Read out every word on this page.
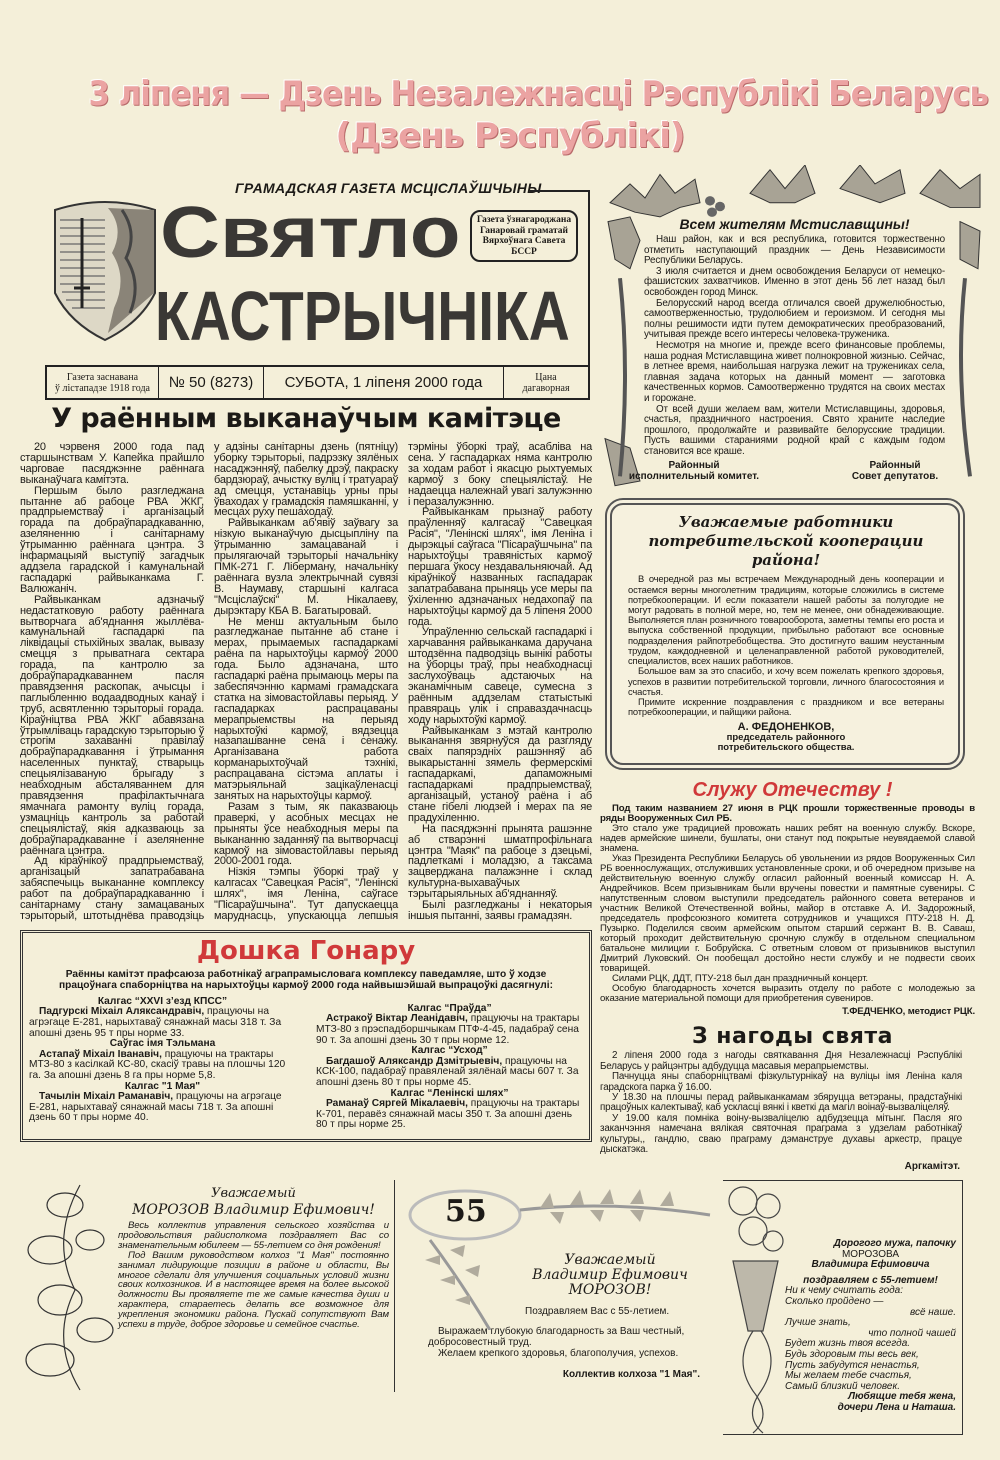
3 ліпеня — Дзень Незалежнасці Рэспублікі Беларусь
(Дзень Рэспублікі)
ГРАМАДСКАЯ ГАЗЕТА МСЦІСЛАЎШЧЫНЫ
Святло
КАСТРЫЧНІКА
Газета ўзнагароджана
Ганаровай граматай
Вярхоўнага Савета
БССР
Газета заснавана
ў лістападзе 1918 года	№ 50 (8273)	СУБОТА, 1 ліпеня 2000 года	Цана
дагаворная
У раённым выканаўчым камітэце

20 чэрвеня 2000 года пад старшынствам У. Капейка прайшло чарговае пасяджэнне раённага выканаўчага камітэта.

Першым было разгледжана пытанне аб рабоце РВА ЖКГ, прадпрыемстваў і арганізацый горада па добраўпарадкаванню, азеляненню і санітарнаму ўтрыманню раённага цэнтра. З інфармацыяй выступіў загадчык аддзела гарадской і камунальнай гаспадаркі райвыканкама Г. Валюжаніч.

Райвыканкам адзначыў недастатковую работу раённага вытворчага аб'яднання жыллёва-камунальнай гаспадаркі па ліквідацыі стыхійных звалак, вывазу смецця з прыватнага сектара горада, па кантролю за добраўпарадкаваннем пасля правядзення раскопак, ачысцы і паглыбленню водаадводных канаў і труб, асвятленню тэрыторыі горада. Кіраўніцтва РВА ЖКГ абавязана ўтрымліваць гарадскую тэрыторыю ў строгім захаванні правілаў добраўпарадкавання і ўтрымання населенных пунктаў, стварыць спецыялізаваную брыгаду з неабходным абсталяваннем для правядзення прафілактычнага ямачнага рамонту вуліц горада, узмацніць кантроль за работай спецыялістаў, якія адказваюць за добраўпарадкаванне і азеляненне раённага цэнтра.

Ад кіраўнікоў прадпрыемстваў, арганізацый запатрабавана забяспечыць выкананне комплексу работ па добраўпарадкаванню і санітарнаму стану замацаваных тэрыторый, штотыднёва праводзіць у адзіны санітарны дзень (пятніцу) уборку тэрыторыі, падрэзку зялёных насаджэнняў, пабелку дрэў, пакраску бардзюраў, ачыстку вуліц і тратуараў ад смецця, устанавіць урны пры ўваходах у грамадскія памяшканні, у месцах руху пешаходаў.

Райвыканкам аб'явіў заўвагу за нізкую выканаўчую дысцыпліну па ўтрыманню замацаванай і прылягаючай тэрыторыі начальніку ПМК-271 Г. Ліберману, начальніку раённага вузла электрычнай сувязі В. Наумаву, старшыні калгаса "Мсціслаўскі" М. Нікалаеву, дырэктару КБА В. Багатыровай.

Не менш актуальным было разгледжанае пытанне аб стане і мерах, прымаемых гаспадаркамі раёна па нарыхтоўцы кармоў 2000 года. Было адзначана, што гаспадаркі раёна прымаюць меры па забеспячэнню кармамі грамадскага статка на зімовастойлавы перыяд. У гаспадарках распрацаваны мерапрыемствы на перыяд нарыхтоўкі кармоў, вядзецца назапашванне сена і сенажу. Арганізавана работа корманарыхтоўчай тэхнікі, распрацавана сістэма аплаты і матэрыяльнай зацікаўленасці занятых на нарыхтоўцы кармоў.

Разам з тым, як паказваюць праверкі, у асобных месцах не прыняты ўсе неабходныя меры па выкананню заданняў па вытворчасці кармоў на зімовастойлавы перыяд 2000-2001 года.

Нізкія тэмпы ўборкі траў у калгасах "Савецкая Расія", "Ленінскі шлях", імя Леніна, саўгасе "Пісараўшчына". Тут дапускаецца маруднасць, упускаюцца лепшыя тэрміны ўборкі траў, асабліва на сена. У гаспадарках няма кантролю за ходам работ і якасцю рыхтуемых кармоў з боку спецыялістаў. Не надаецца належнай увагі залужэнню і перазалужэнню.

Райвыканкам прызнаў работу праўленняў калгасаў "Савецкая Расія", "Ленінскі шлях", імя Леніна і дырэкцыі саўгаса "Пісараўшчына" па нарыхтоўцы травяністых кармоў першага ўкосу нездавальняючай. Ад кіраўнікоў названных гаспадарак запатрабавана прыняць усе меры па ўхіленню адзначаных недахопаў па нарыхтоўцы кармоў да 5 ліпеня 2000 года.

Упраўленню сельскай гаспадаркі і харчавання райвыканкама даручана штодзённа падводзіць вынікі работы на ўборцы траў, пры неабходнасці заслухоўваць адстаючых на эканамічным савеце, сумесна з раённым аддзелам статыстыкі правяраць улік і справаздачнасць ходу нарыхтоўкі кармоў.

Райвыканкам з мэтай кантролю выканання звярнуўся да разгляду сваіх папярэдніх рашэнняў аб выкарыстанні зямель фермерскімі гаспадаркамі, дапаможнымі гаспадаркамі прадпрыемстваў, арганізацый, устаноў раёна і аб стане гібелі людзей і мерах па яе прадухіленню.

На пасяджэнні прынята рашэнне аб стварэнні шматпрофільнага цэнтра "Маяк" па рабоце з дзецьмі, падлеткамі і моладзю, а таксама зацверджана палажэнне і склад культурна-выхаваўчых тэрытарыяльных аб'яднанняў.

Былі разгледжаны і некаторыя іншыя пытанні, заявы грамадзян.

Дошка Гонару
Раённы камітэт прафсаюза работнікаў аграпрамысловага комплексу паведамляе, што ў ходзе працоўнага спаборніцтва на нарыхтоўцы кармоў 2000 года найвышэйшай выпрацоўкі дасягнулі:
Калгас “XXVI з’езд КПСС”
Падгурскі Міхаіл Аляксандравіч, працуючы на агрэгаце Е-281, нарыхтаваў сянажнай масы 318 т. За апошні дзень 95 т пры норме 33.
Саўгас імя Тэльмана
Астапаў Міхаіл Іванавіч, працуючы на трактары МТЗ-80 з касілкай КС-80, скасіў травы на плошчы 120 га. За апошні дзень 8 га пры норме 5,8.
Калгас "1 Мая"
Тачылін Міхаіл Раманавіч, працуючы на агрэгаце Е-281, нарыхтаваў сянажнай масы 718 т. За апошні дзень 60 т пры норме 40.
Калгас “Праўда”
Астракоў Віктар Леанідавіч, працуючы на трактары МТЗ-80 з прэспадборшчыкам ПТФ-4-45, падабраў сена 90 т. За апошні дзень 30 т пры норме 12.
Калгас “Усход”
Багдашоў Аляксандр Дзмітрыевіч, працуючы на КСК-100, падабраў правяленай зялёнай масы 607 т. За апошні дзень 80 т пры норме 45.
Калгас “Ленінскі шлях”
Раманаў Сяргей Мікалаевіч, працуючы на трактары К-701, перавёз сянажнай масы 350 т. За апошні дзень 80 т пры норме 25.
Всем жителям Мстиславщины!

Наш район, как и вся республика, готовится торжественно отметить наступающий праздник — День Независимости Республики Беларусь.

3 июля считается и днем освобождения Беларуси от немецко-фашистских захватчиков. Именно в этот день 56 лет назад был освобожден город Минск.

Белорусский народ всегда отличался своей дружелюбностью, самоотверженностью, трудолюбием и героизмом. И сегодня мы полны решимости идти путем демократических преобразований, учитывая прежде всего интересы человека-труженика.

Несмотря на многие и, прежде всего финансовые проблемы, наша родная Мстиславщина живет полнокровной жизнью. Сейчас, в летнее время, наибольшая нагрузка лежит на тружениках села, главная задача которых на данный момент — заготовка качественных кормов. Самоотверженно трудятся на своих местах и горожане.

От всей души желаем вам, жители Мстиславщины, здоровья, счастья, праздничного настроения. Свято храните наследие прошлого, продолжайте и развивайте белорусские традиции. Пусть вашими стараниями родной край с каждым годом становится все краше.

Районный
исполнительный комитет.
Районный
Совет депутатов.
Уважаемые работники
потребительской кооперации района!

В очередной раз мы встречаем Международный день кооперации и остаемся верны многолетним традициям, которые сложились в системе потребкооперации. И если показатели нашей работы за полугодие не могут радовать в полной мере, но, тем не менее, они обнадеживающие. Выполняется план розничного товарооборота, заметны темпы его роста и выпуска собственной продукции, прибыльно работают все основные подразделения райпотребобщества. Это достигнуто вашим неустанным трудом, каждодневной и целенаправленной работой руководителей, специалистов, всех наших работников.

Большое вам за это спасибо, и хочу всем пожелать крепкого здоровья, успехов в развитии потребительской торговли, личного благосостояния и счастья.

Примите искренние поздравления с праздником и все ветераны потребкооперации, и пайщики района.

А. ФЕДОНЕНКОВ,
председатель районного
потребительского общества.
Служу Отечеству !
Под таким названием 27 июня в РЦК прошли торжественные проводы в ряды Вооруженных Сил РБ.

Это стало уже традицией провожать наших ребят на военную службу. Вскоре, надев армейские шинели, бушлаты, они станут под покрытые неувядаемой славой знамена.

Указ Президента Республики Беларусь об увольнении из рядов Вооруженных Сил РБ военнослужащих, отслуживших установленные сроки, и об очередном призыве на действительную военную службу огласил районный военный комиссар Н. А. Андрейчиков. Всем призывникам были вручены повестки и памятные сувениры. С напутственным словом выступили председатель районного совета ветеранов и участник Великой Отечественной войны, майор в отставке А. И. Задорожный, председатель профсоюзного комитета сотрудников и учащихся ПТУ-218 Н. Д. Пузырко. Поделился своим армейским опытом старший сержант В. В. Саваш, который проходит действительную срочную службу в отдельном специальном батальоне милиции г. Бобруйска. С ответным словом от призывников выступил Дмитрий Луковский. Он пообещал достойно нести службу и не подвести своих товарищей.

Силами РЦК, ДДТ, ПТУ-218 был дан праздничный концерт.

Особую благодарность хочется выразить отделу по работе с молодежью за оказание материальной помощи для приобретения сувениров.

Т.ФЕДЧЕНКО, методист РЦК.
З нагоды свята

2 ліпеня 2000 года з нагоды святкавання Дня Незалежнасці Рэспублікі Беларусь у райцэнтры адбудуцца масавыя мерапрыемствы.

Пачнуцца яны спаборніцтвамі фізкультурнікаў на вуліцы імя Леніна каля гарадскога парка ў 16.00.

У 18.30 на плошчы перад райвыканкамам збяруцца ветэраны, прадстаўнікі працоўных калектываў, каб ускласці вянкі і кветкі да магіл воінаў-вызваліцеляў.

У 19.00 каля помніка воіну-вызваліцелю адбудзецца мітынг. Пасля яго заканчэння намечана вялікая святочная праграма з удзелам работнікаў культуры,, гандлю, сваю праграму дэманструе духавы аркестр, працуе дыскатэка.

Аргкамітэт.
Уважаемый
МОРОЗОВ Владимир Ефимович!

Весь коллектив управления сельского хозяйства и продовольствия райисполкома поздравляет Вас со знаменательным юбилеем — 55-летием со дня рождения!

Под Вашим руководством колхоз "1 Мая" постоянно занимал лидирующие позиции в районе и области, Вы многое сделали для улучшения социальных условий жизни своих колхозников. И в настоящее время на более высокой должности Вы проявляете те же самые качества души и характера, стараетесь делать все возможное для укрепления экономики района. Пускай сопутствуют Вам успехи в труде, доброе здоровье и семейное счастье.

55
Уважаемый
Владимир Ефимович
МОРОЗОВ!
Поздравляем Вас с 55-летием.

Выражаем глубокую благодарность за Ваш честный, добросовестный труд.

Желаем крепкого здоровья, благополучия, успехов.

Коллектив колхоза "1 Мая".
Дорогого мужа, папочку
МОРОЗОВА
Владимира Ефимовича
поздравляем с 55-летием!
Ни к чему считать года:
Сколько пройдено —
всё наше.
Лучше знать,
что полной чашей
Будет жизнь твоя всегда.
Будь здоровым ты весь век,
Пусть забудутся ненастья,
Мы желаем тебе счастья,
Самый близкий человек.
Любящие тебя жена,
дочери Лена и Наташа.
